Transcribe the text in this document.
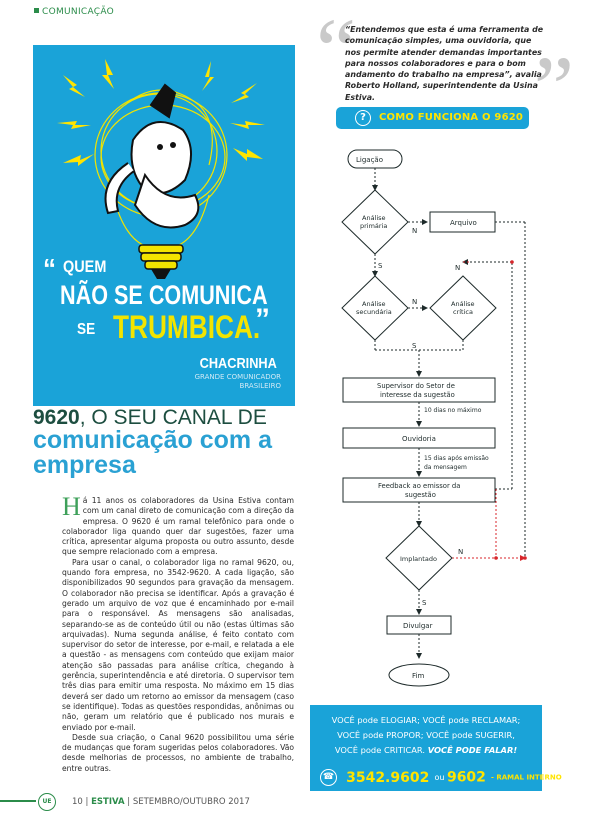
COMUNICAÇÃO
“ QUEM
NÃO SE COMUNICA
SE TRUMBICA.
”
CHACRINHA
GRANDE COMUNICADOR BRASILEIRO
9620, O SEU CANAL DE
comunicação com a empresa

Há 11 anos os colaboradores da Usina Estiva contam com um canal direto de comunicação com a direção da empresa. O 9620 é um ramal telefônico para onde o colaborador liga quando quer dar sugestões, fazer uma crítica, apresentar alguma proposta ou outro assunto, desde que sempre relacionado com a empresa.

Para usar o canal, o colaborador liga no ramal 9620, ou, quando fora empresa, no 3542-9620. A cada ligação, são disponibilizados 90 segundos para gravação da mensagem. O colaborador não precisa se identificar. Após a gravação é gerado um arquivo de voz que é encaminhado por e-mail para o responsável. As mensagens são analisadas, separando-se as de conteúdo útil ou não (estas últimas são arquivadas). Numa segunda análise, é feito contato com supervisor do setor de interesse, por e-mail, e relatada a ele a questão - as mensagens com conteúdo que exijam maior atenção são passadas para análise crítica, chegando à gerência, superintendência e até diretoria. O supervisor tem três dias para emitir uma resposta. No máximo em 15 dias deverá ser dado um retorno ao emissor da mensagem (caso se identifique). Todas as questões respondidas, anônimas ou não, geram um relatório que é publicado nos murais e enviado por e-mail.

Desde sua criação, o Canal 9620 possibilitou uma série de mudanças que foram sugeridas pelos colaboradores. Vão desde melhorias de processos, no ambiente de trabalho, entre outras.

“
“Entendemos que esta é uma ferramenta de comunicação simples, uma ouvidoria, que nos permite atender demandas importantes para nossos colaboradores e para o bom andamento do trabalho na empresa”, avalia Roberto Holland, superintendente da Usina Estiva.	”
?	COMO FUNCIONA O 9620
Ligação
Análise
primária
N
S
Arquivo
N
Análise
secundária
N	Análise
crítica
S
Supervisor do Setor de
interesse da sugestão
10 dias no máximo
Ouvidoria
15 dias após emissão
da mensagem
Feedback ao emissor da
sugestão
Implantado
N
S
Divulgar
Fim
VOCÊ pode ELOGIAR; VOCÊ pode RECLAMAR;
VOCÊ pode PROPOR; VOCÊ pode SUGERIR,
VOCÊ pode CRITICAR. VOCÊ PODE FALAR!
☎ 3542.9602 ou 9602 - RAMAL INTERNO
UE	10 | ESTIVA | SETEMBRO/OUTUBRO 2017
